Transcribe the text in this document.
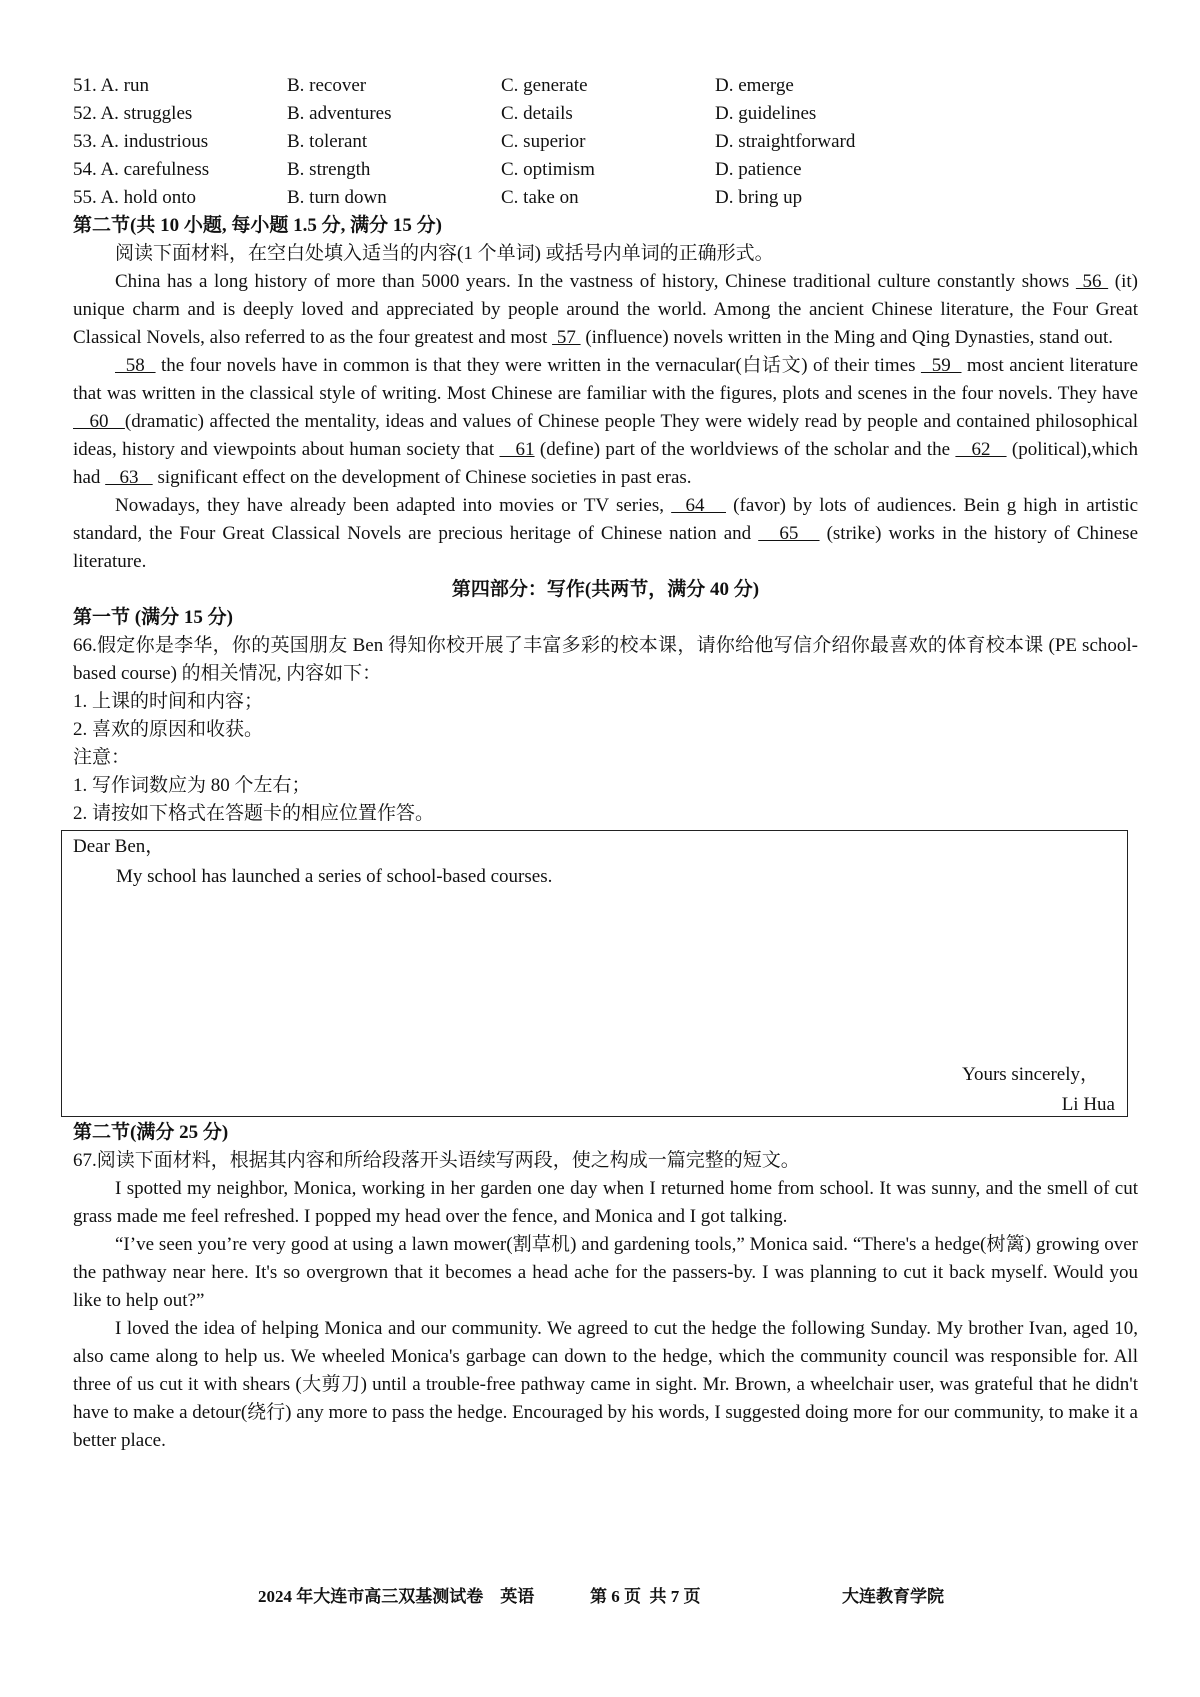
51. A. run	B. recover	C. generate	D. emerge
52. A. struggles	B. adventures	C. details	D. guidelines
53. A. industrious	B. tolerant	C. superior	D. straightforward
54. A. carefulness	B. strength	C. optimism	D. patience
55. A. hold onto	B. turn down	C. take on	D. bring up

第二节(共 10 小题, 每小题 1.5 分, 满分 15 分)

阅读下面材料，在空白处填入适当的内容(1 个单词) 或括号内单词的正确形式。

China has a long history of more than 5000 years. In the vastness of history, Chinese traditional culture constantly shows  56  (it) unique charm and is deeply loved and appreciated by people around the world. Among the ancient Chinese literature, the Four Great Classical Novels, also referred to as the four greatest and most  57  (influence) novels written in the Ming and Qing Dynasties, stand out.

58   the four novels have in common is that they were written in the vernacular(白话文) of their times   59   most ancient literature that was written in the classical style of writing. Most Chinese are familiar with the figures, plots and scenes in the four novels. They have    60   (dramatic) affected the mentality, ideas and values of Chinese people They were widely read by people and contained philosophical ideas, history and viewpoints about human society that    61 (define) part of the worldviews of the scholar and the    62    (political),which had    63    significant effect on the development of Chinese societies in past eras.

Nowadays, they have already been adapted into movies or TV series,   64    (favor) by lots of audiences. Bein g high in artistic standard, the Four Great Classical Novels are precious heritage of Chinese nation and    65    (strike) works in the history of Chinese literature.

第四部分：写作(共两节，满分 40 分)

第一节 (满分 15 分)

66.假定你是李华，你的英国朋友 Ben 得知你校开展了丰富多彩的校本课，请你给他写信介绍你最喜欢的体育校本课 (PE school-based course) 的相关情况, 内容如下：

1. 上课的时间和内容；

2. 喜欢的原因和收获。

注意：

1. 写作词数应为 80 个左右；

2. 请按如下格式在答题卡的相应位置作答。

Dear Ben，
My school has launched a series of school-based courses.
Yours sincerely，
Li Hua

第二节(满分 25 分)

67.阅读下面材料，根据其内容和所给段落开头语续写两段，使之构成一篇完整的短文。

I spotted my neighbor, Monica, working in her garden one day when I returned home from school. It was sunny, and the smell of cut grass made me feel refreshed. I popped my head over the fence, and Monica and I got talking.

“I’ve seen you’re very good at using a lawn mower(割草机) and gardening tools,” Monica said. “There's a hedge(树篱) growing over the pathway near here. It's so overgrown that it becomes a head ache for the passers-by. I was planning to cut it back myself. Would you like to help out?”

I loved the idea of helping Monica and our community. We agreed to cut the hedge the following Sunday. My brother Ivan, aged 10, also came along to help us. We wheeled Monica's garbage can down to the hedge, which the community council was responsible for. All three of us cut it with shears (大剪刀) until a trouble-free pathway came in sight. Mr. Brown, a wheelchair user, was grateful that he didn't have to make a detour(绕行) any more to pass the hedge. Encouraged by his words, I suggested doing more for our community, to make it a better place.

2024 年大连市高三双基测试卷    英语	第 6 页  共 7 页	大连教育学院
